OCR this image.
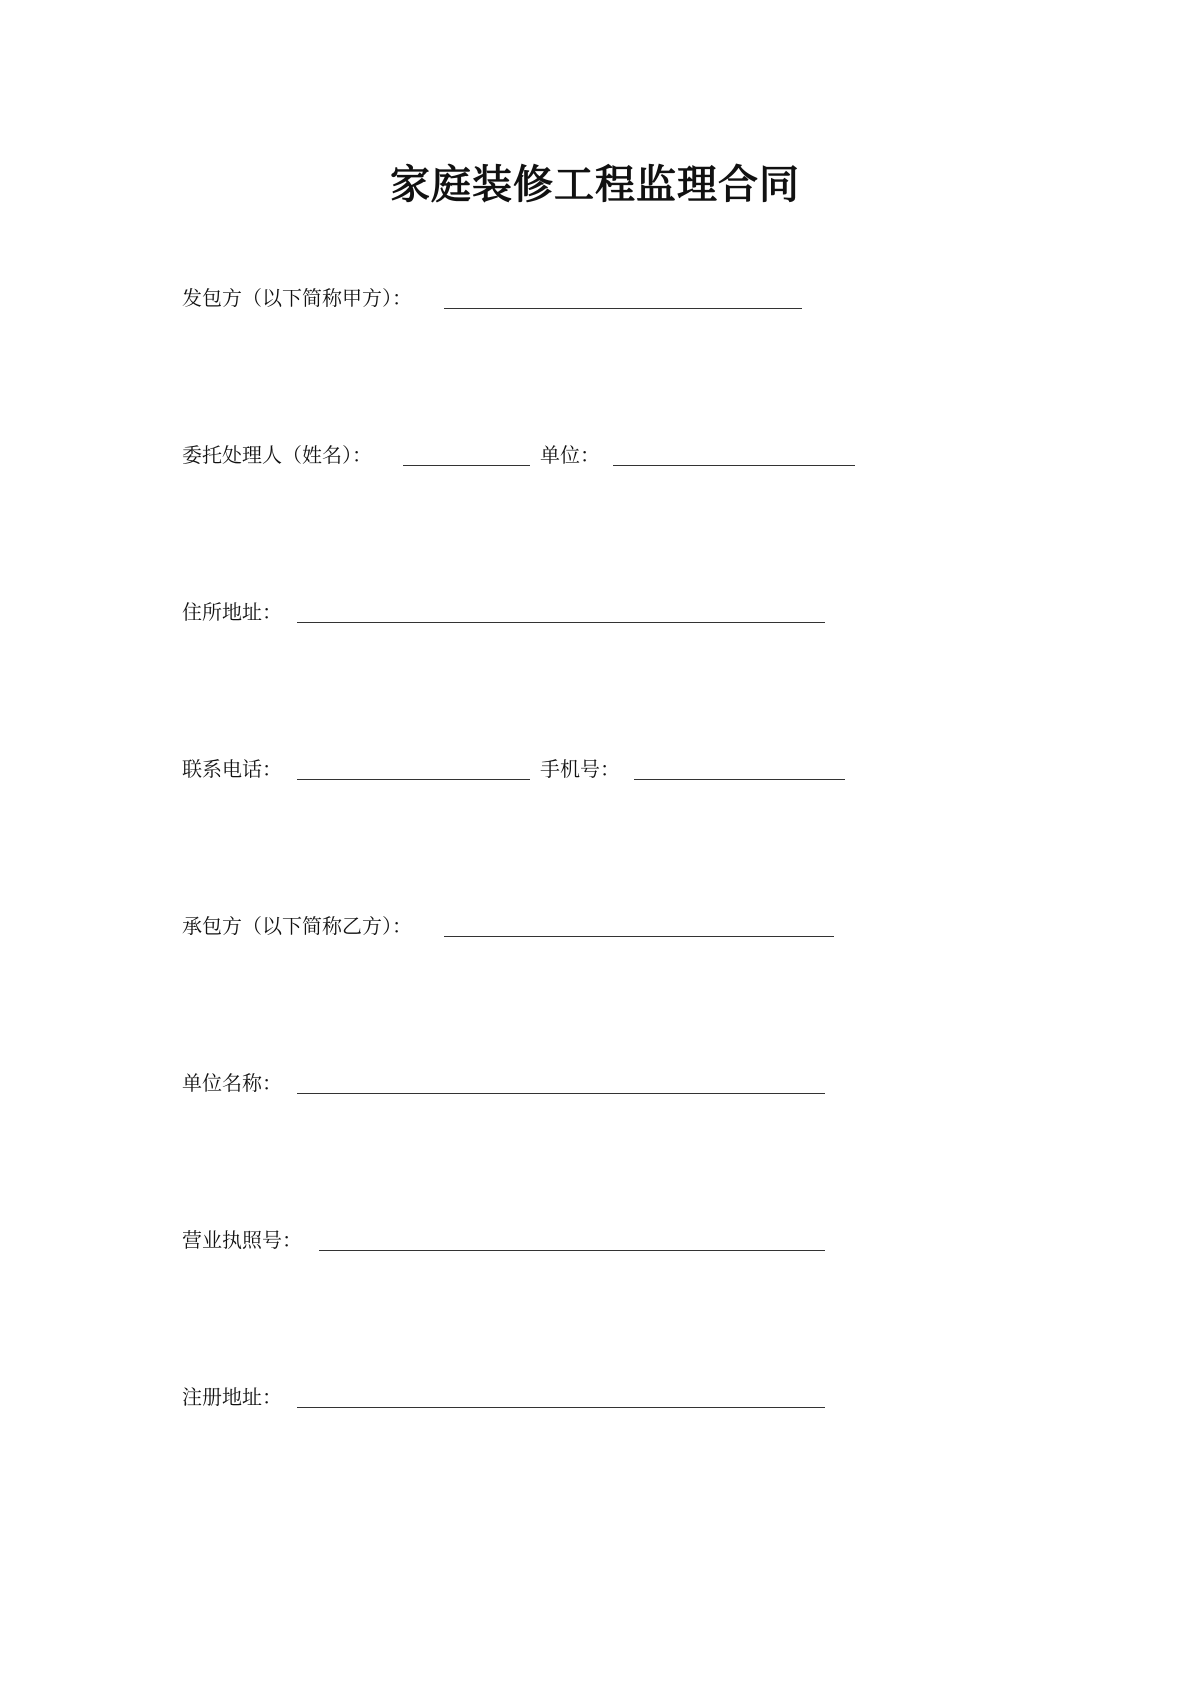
家庭装修工程监理合同
发包方（以下简称甲方）：
委托处理人（姓名）：	单位：
住所地址：
联系电话：	手机号：
承包方（以下简称乙方）：
单位名称：
营业执照号：
注册地址：
